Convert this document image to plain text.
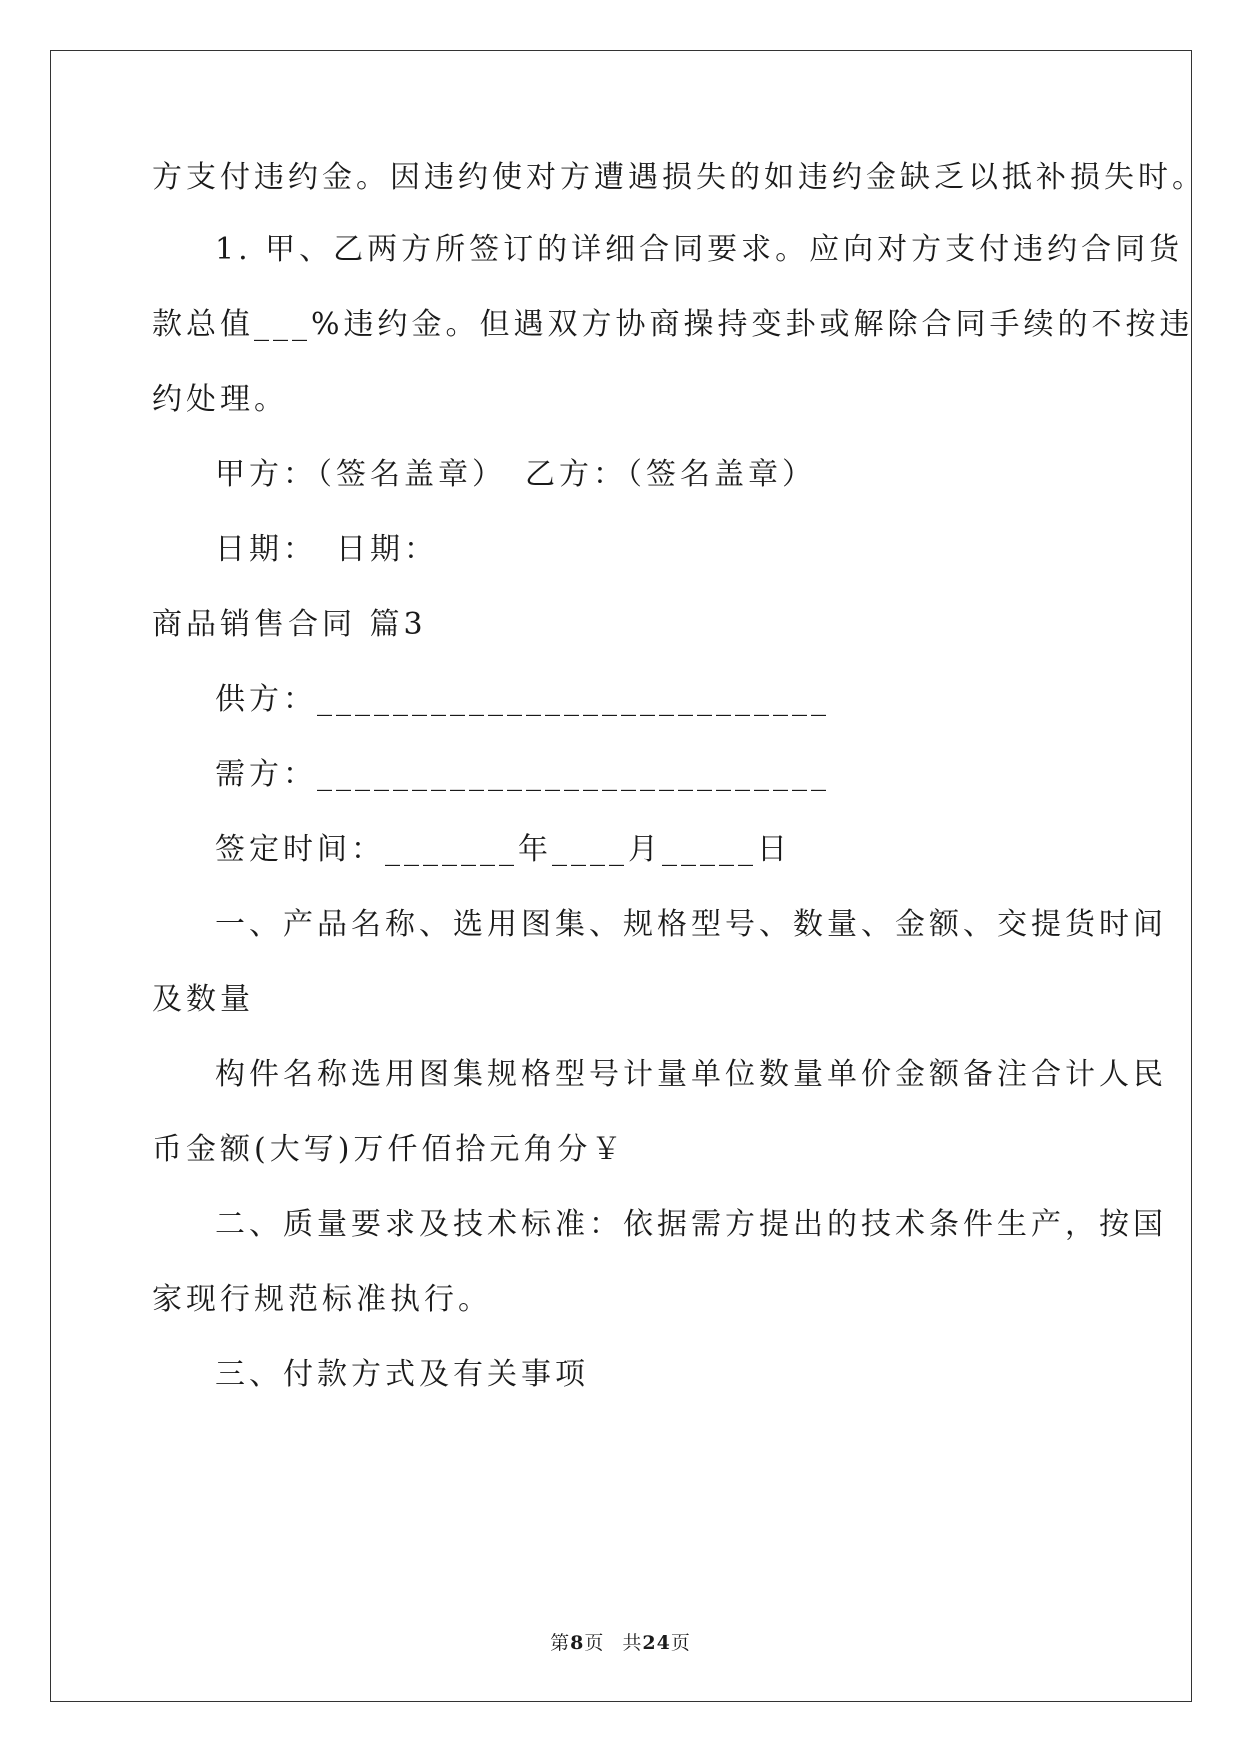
方支付违约金。因违约使对方遭遇损失的如违约金缺乏以抵补损失时。
1. 甲、乙两方所签订的详细合同要求。应向对方支付违约合同货
款总值___%违约金。但遇双方协商操持变卦或解除合同手续的不按违
约处理。
甲方：（签名盖章）　乙方：（签名盖章）
日期：　日期：
商品销售合同 篇3
供方：___________________________
需方：___________________________
签定时间：_______年____月_____日
一、产品名称、选用图集、规格型号、数量、金额、交提货时间
及数量
构件名称选用图集规格型号计量单位数量单价金额备注合计人民
币金额(大写)万仟佰拾元角分￥
二、质量要求及技术标准：依据需方提出的技术条件生产，按国
家现行规范标准执行。
三、付款方式及有关事项
第8页 共24页
